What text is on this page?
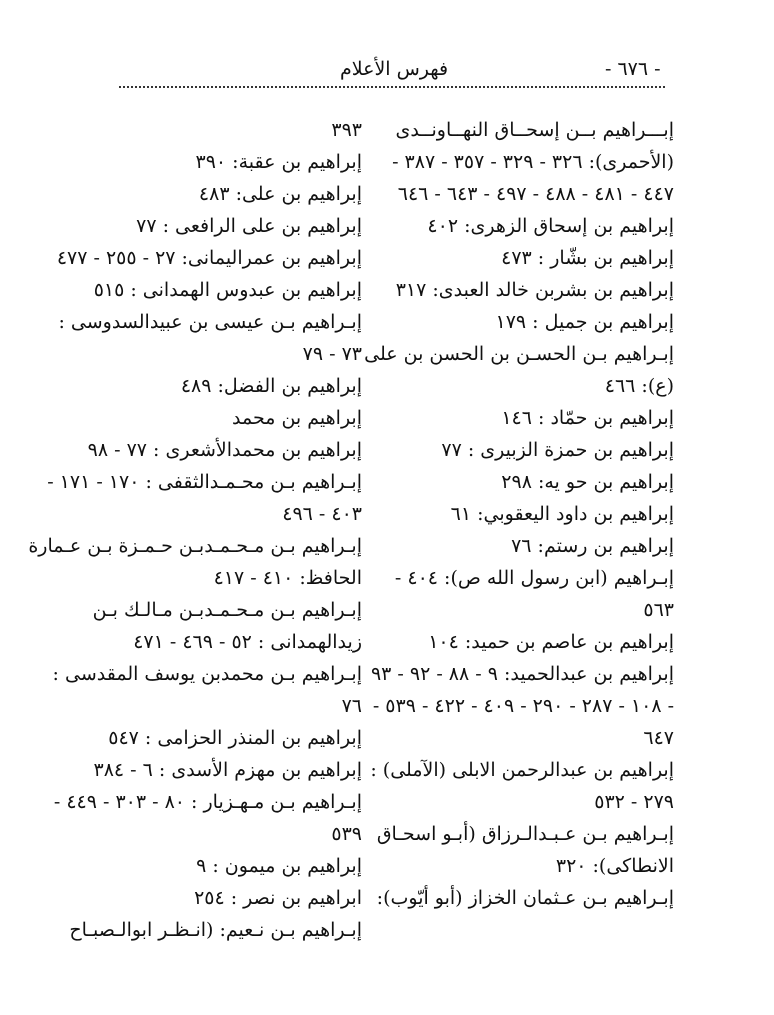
- ٦٧٦ -
فهرس الأعلام
إبـــراهيم بــن إسحــاق النهــاونــدى
(الأحمرى): ٣٢٦ - ٣٢٩ - ٣٥٧ - ٣٨٧ -
٤٤٧ - ٤٨١ - ٤٨٨ - ٤٩٧ - ٦٤٣ - ٦٤٦
إبراهيم بن إسحاق الزهرى: ٤٠٢
إبراهيم بن بشّار : ٤٧٣
إبراهيم بن بشربن خالد العبدى: ٣١٧
إبراهيم بن جميل : ١٧٩
إبـراهيم بـن الحسـن بن الحسن بن على
(ع): ٤٦٦
إبراهيم بن حمّاد : ١٤٦
إبراهيم بن حمزة الزبيرى : ٧٧
إبراهيم بن حو يه: ٢٩٨
إبراهيم بن داود اليعقوبي: ٦١
إبراهيم بن رستم: ٧٦
إبـراهيم (ابن رسول الله ص): ٤٠٤ -
٥٦٣
إبراهيم بن عاصم بن حميد: ١٠٤
إبراهيم بن عبدالحميد: ٩ - ٨٨ - ٩٢ - ٩٣
- ١٠٨ - ٢٨٧ - ٢٩٠ - ٤٠٩ - ٤٢٢ - ٥٣٩ -
٦٤٧
إبراهيم بن عبدالرحمن الابلى (الآملى) :
٢٧٩ - ٥٣٢
إبـراهيم بـن عـبـدالـرزاق (أبـو اسحـاق
الانطاكى): ٣٢٠
إبـراهيم بـن عـثمان الخزاز (أبو أيّوب):
٣٩٣
إبراهيم بن عقبة: ٣٩٠
إبراهيم بن على: ٤٨٣
إبراهيم بن على الرافعى : ٧٧
إبراهيم بن عمراليمانى: ٢٧ - ٢٥٥ - ٤٧٧
إبراهيم بن عبدوس الهمدانى : ٥١٥
إبـراهيم بـن عيسى بن عبيدالسدوسى :
٧٣ - ٧٩
إبراهيم بن الفضل: ٤٨٩
إبراهيم بن محمد
إبراهيم بن محمدالأشعرى : ٧٧ - ٩٨
إبـراهيم بـن محـمـدالثقفى : ١٧٠ - ١٧١ -
٤٠٣ - ٤٩٦
إبـراهيم بـن مـحـمـدبـن حـمـزة بـن عـمارة
الحافظ: ٤١٠ - ٤١٧
إبـراهيم بـن مـحـمـدبـن مـالـك بـن
زيدالهمدانى : ٥٢ - ٤٦٩ - ٤٧١
إبـراهيم بـن محمدبن يوسف المقدسى :
٧٦
إبراهيم بن المنذر الحزامى : ٥٤٧
إبراهيم بن مهزم الأسدى : ٦ - ٣٨٤
إبـراهيم بـن مـهـزيار : ٨٠ - ٣٠٣ - ٤٤٩ -
٥٣٩
إبراهيم بن ميمون : ٩
ابراهيم بن نصر : ٢٥٤
إبـراهيم بـن نـعيم: (انـظـر ابوالـصبـاح
